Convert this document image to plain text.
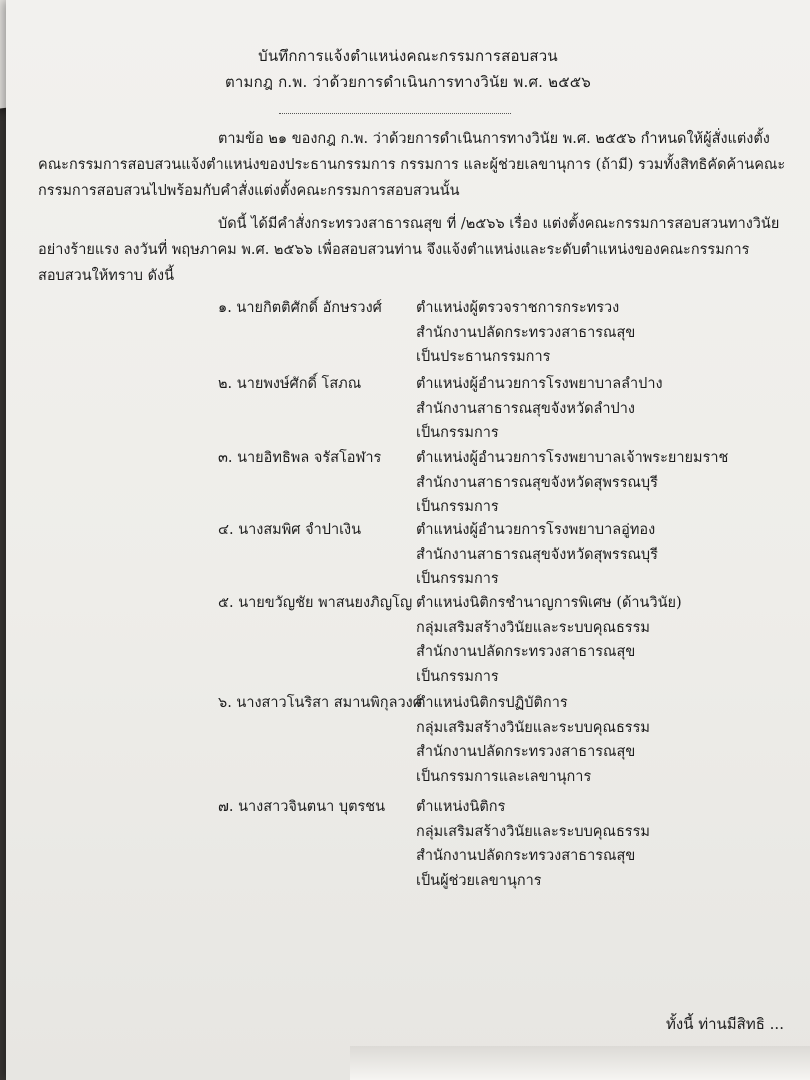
บันทึกการแจ้งตำแหน่งคณะกรรมการสอบสวน
ตามกฎ ก.พ. ว่าด้วยการดำเนินการทางวินัย พ.ศ. ๒๕๕๖
ตามข้อ ๒๑ ของกฎ ก.พ. ว่าด้วยการดำเนินการทางวินัย พ.ศ. ๒๕๕๖ กำหนดให้ผู้สั่งแต่งตั้งคณะกรรมการสอบสวนแจ้งตำแหน่งของประธานกรรมการ กรรมการ และผู้ช่วยเลขานุการ (ถ้ามี) รวมทั้งสิทธิคัดค้านคณะกรรมการสอบสวนไปพร้อมกับคำสั่งแต่งตั้งคณะกรรมการสอบสวนนั้น
บัดนี้ ได้มีคำสั่งกระทรวงสาธารณสุข ที่ /๒๕๖๖ เรื่อง แต่งตั้งคณะกรรมการสอบสวนทางวินัยอย่างร้ายแรง ลงวันที่ พฤษภาคม พ.ศ. ๒๕๖๖ เพื่อสอบสวนท่าน จึงแจ้งตำแหน่งและระดับตำแหน่งของคณะกรรมการสอบสวนให้ทราบ ดังนี้
๑. นายกิตติศักดิ์ อักษรวงศ์ ตำแหน่งผู้ตรวจราชการกระทรวง
สำนักงานปลัดกระทรวงสาธารณสุข
เป็นประธานกรรมการ
๒. นายพงษ์ศักดิ์ โสภณ	ตำแหน่งผู้อำนวยการโรงพยาบาลลำปาง
สำนักงานสาธารณสุขจังหวัดลำปาง
เป็นกรรมการ
๓. นายอิทธิพล จรัสโอฬาร ตำแหน่งผู้อำนวยการโรงพยาบาลเจ้าพระยายมราช
สำนักงานสาธารณสุขจังหวัดสุพรรณบุรี
เป็นกรรมการ
๔. นางสมพิศ จำปาเงิน	ตำแหน่งผู้อำนวยการโรงพยาบาลอู่ทอง
สำนักงานสาธารณสุขจังหวัดสุพรรณบุรี
เป็นกรรมการ
๕. นายขวัญชัย พาสนยงภิญโญ ตำแหน่งนิติกรชำนาญการพิเศษ (ด้านวินัย)
กลุ่มเสริมสร้างวินัยและระบบคุณธรรม
สำนักงานปลัดกระทรวงสาธารณสุข
เป็นกรรมการ
๖. นางสาวโนริสา สมานพิกุลวงศ์
ตำแหน่งนิติกรปฏิบัติการ
กลุ่มเสริมสร้างวินัยและระบบคุณธรรม
สำนักงานปลัดกระทรวงสาธารณสุข
เป็นกรรมการและเลขานุการ
๗. นางสาวจินตนา บุตรชน ตำแหน่งนิติกร
กลุ่มเสริมสร้างวินัยและระบบคุณธรรม
สำนักงานปลัดกระทรวงสาธารณสุข
เป็นผู้ช่วยเลขานุการ
ทั้งนี้ ท่านมีสิทธิ ...
